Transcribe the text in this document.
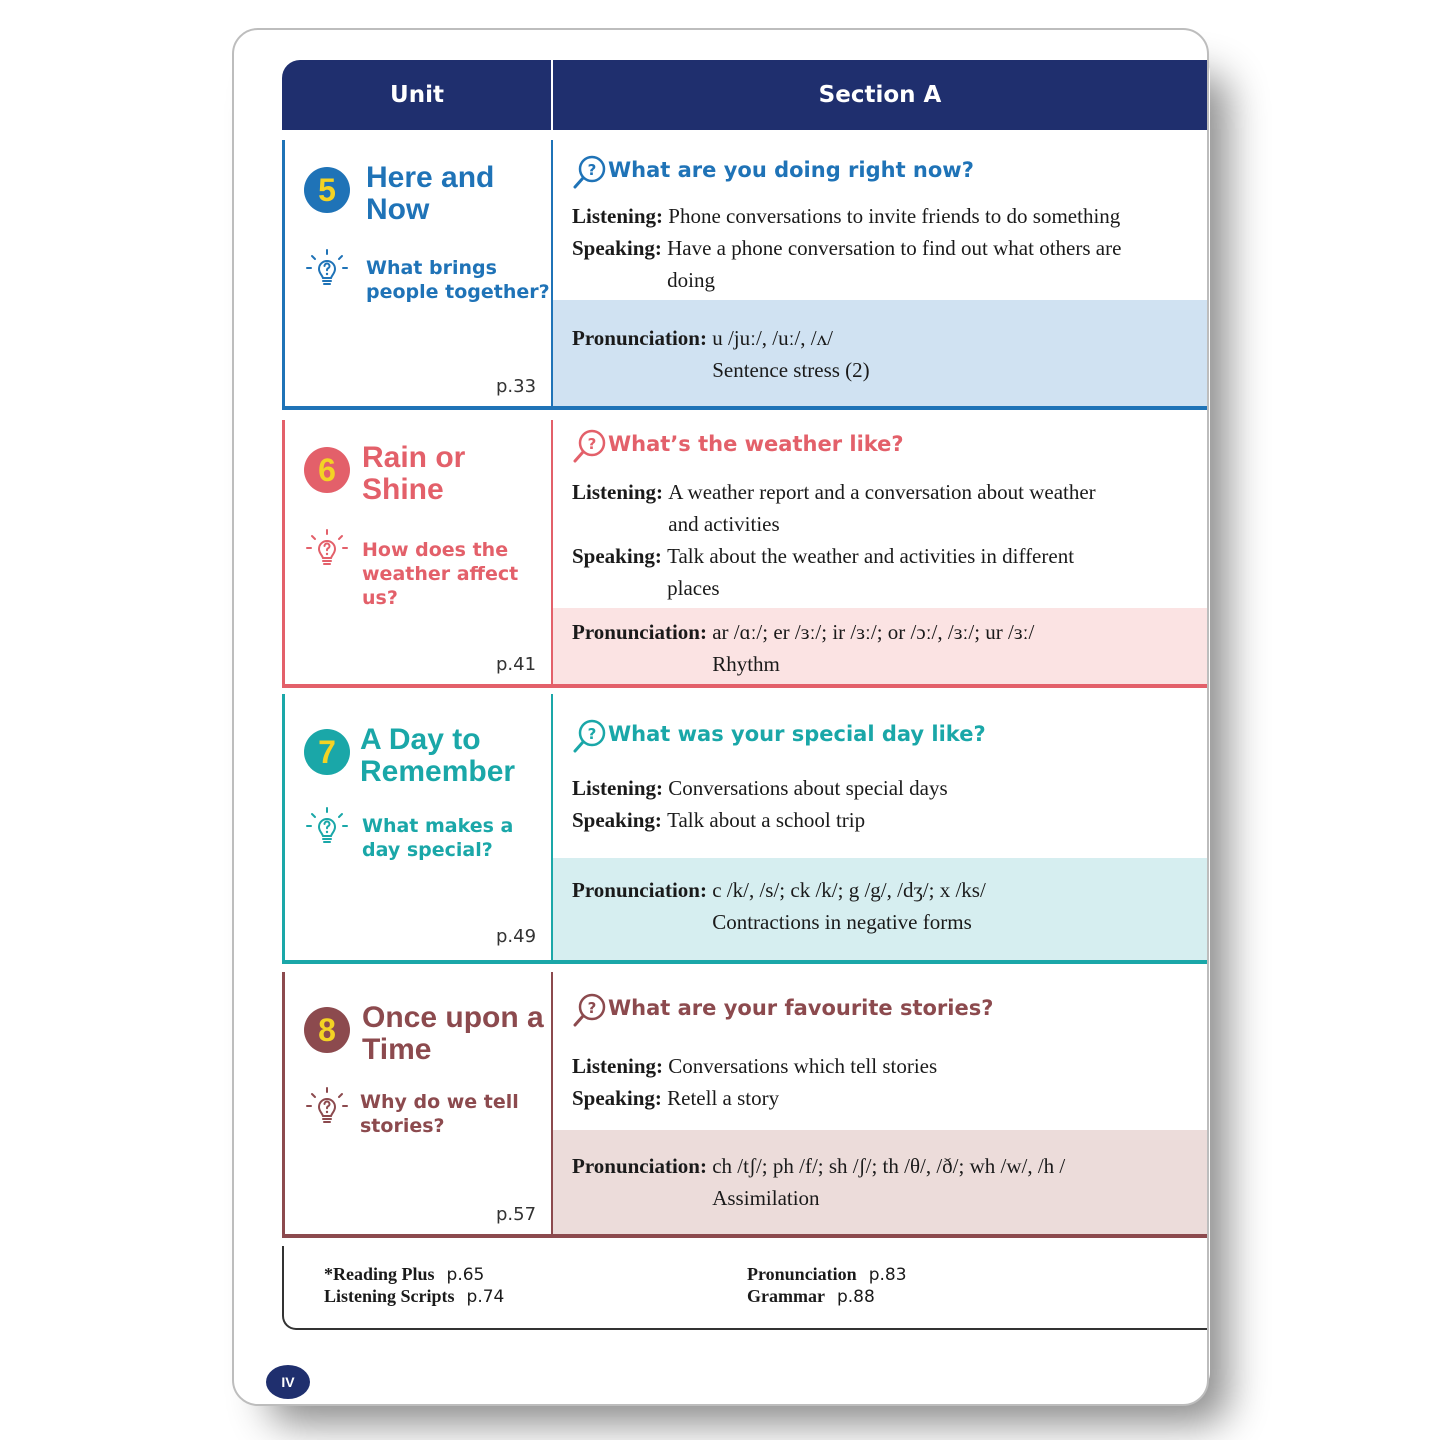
Unit	Section A
5	Here and
Now
What brings
people together?
p.33
? What are you doing right now?
Listening: Phone conversations to invite friends to do something

Speaking: Have a phone conversation to find out what others are
doing
Pronunciation: u /juː/, /uː/, /ʌ/
Sentence stress (2)
6 Rain or
Shine
How does the
weather affect
us?
p.41
? What’s the weather like?
Listening: A weather report and a conversation about weather
and activities
Speaking: Talk about the weather and activities in different
places
Pronunciation: ar /ɑː/; er /ɜː/; ir /ɜː/; or /ɔː/, /ɜː/; ur /ɜː/
Rhythm
7 A Day to
Remember
What makes a
day special?
p.49
? What was your special day like?
Listening: Conversations about special days

Speaking: Talk about a school trip

Pronunciation: c /k/, /s/; ck /k/; g /g/, /dʒ/; x /ks/
Contractions in negative forms
8 Once upon a
Time
Why do we tell
stories?
p.57
? What are your favourite stories?
Listening: Conversations which tell stories

Speaking: Retell a story

Pronunciation: ch /tʃ/; ph /f/; sh /ʃ/; th /θ/, /ð/; wh /w/, /h /
Assimilation
*Reading Plus p.65
Listening Scripts p.74
Pronunciation p.83
Grammar p.88
IV
